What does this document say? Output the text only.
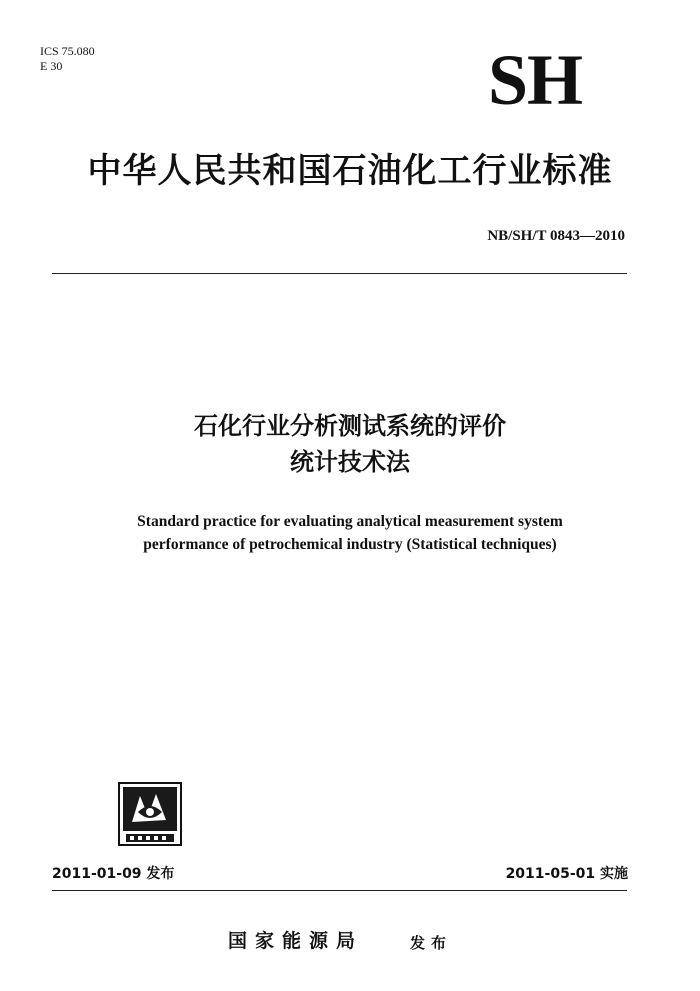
ICS 75.080
E 30	SH
中华人民共和国石油化工行业标准
NB/SH/T 0843—2010
石化行业分析测试系统的评价
统计技术法
Standard practice for evaluating analytical measurement system
performance of petrochemical industry (Statistical techniques)
2011-01-09 发布	2011-05-01 实施
国家能源局	发布
